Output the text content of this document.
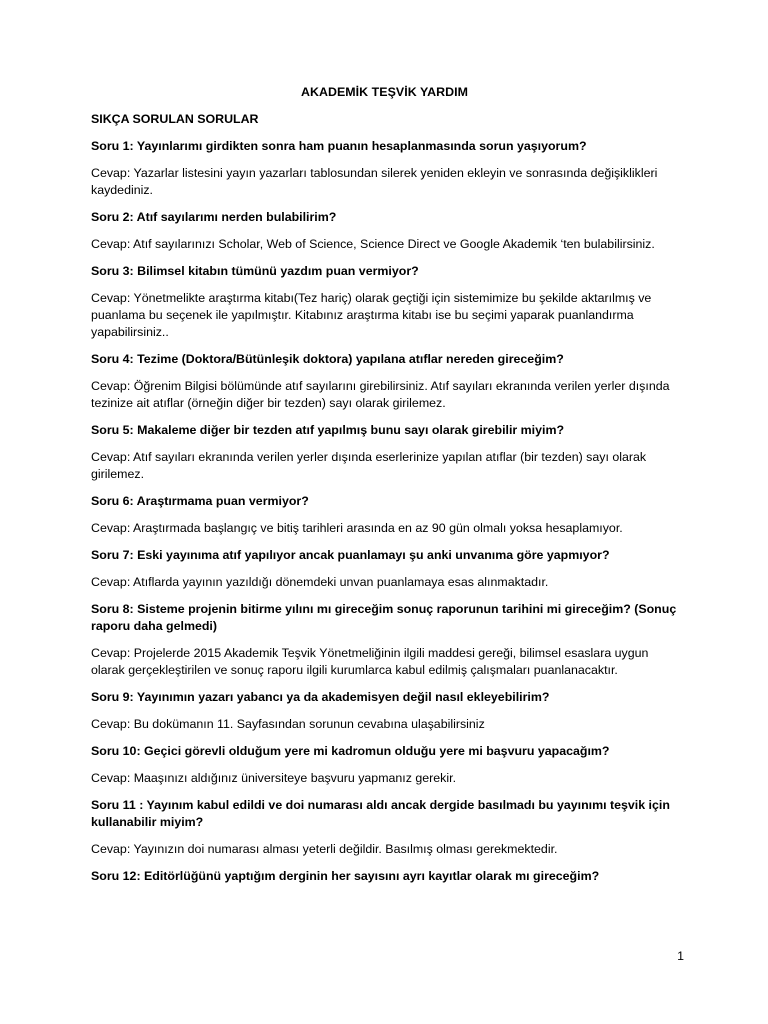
AKADEMİK TEŞVİK YARDIM
SIKÇA SORULAN SORULAR
Soru 1: Yayınlarımı girdikten sonra ham puanın hesaplanmasında sorun yaşıyorum?
Cevap: Yazarlar listesini yayın yazarları tablosundan silerek yeniden ekleyin ve sonrasında değişiklikleri kaydediniz.
Soru 2: Atıf sayılarımı nerden bulabilirim?
Cevap: Atıf sayılarınızı Scholar, Web of Science, Science Direct ve Google Akademik ‘ten bulabilirsiniz.
Soru 3: Bilimsel kitabın tümünü yazdım puan vermiyor?
Cevap: Yönetmelikte araştırma kitabı(Tez hariç) olarak geçtiği için sistemimize bu şekilde aktarılmış ve puanlama bu seçenek ile yapılmıştır. Kitabınız araştırma kitabı ise bu seçimi yaparak puanlandırma yapabilirsiniz..
Soru 4: Tezime (Doktora/Bütünleşik doktora) yapılana atıflar nereden gireceğim?
Cevap: Öğrenim Bilgisi bölümünde atıf sayılarını girebilirsiniz. Atıf sayıları ekranında verilen yerler dışında tezinize ait atıflar (örneğin diğer bir tezden) sayı olarak girilemez.
Soru 5: Makaleme diğer bir tezden atıf yapılmış bunu sayı olarak girebilir miyim?
Cevap: Atıf sayıları ekranında verilen yerler dışında eserlerinize yapılan atıflar (bir tezden) sayı olarak girilemez.
Soru 6: Araştırmama puan vermiyor?
Cevap: Araştırmada başlangıç ve bitiş tarihleri arasında en az 90 gün olmalı yoksa hesaplamıyor.
Soru 7: Eski yayınıma atıf yapılıyor ancak puanlamayı şu anki unvanıma göre yapmıyor?
Cevap: Atıflarda yayının yazıldığı dönemdeki unvan puanlamaya esas alınmaktadır.
Soru 8: Sisteme projenin bitirme yılını mı gireceğim sonuç raporunun tarihini mi gireceğim? (Sonuç raporu daha gelmedi)
Cevap: Projelerde 2015 Akademik Teşvik Yönetmeliğinin ilgili maddesi gereği, bilimsel esaslara uygun olarak gerçekleştirilen ve sonuç raporu ilgili kurumlarca kabul edilmiş çalışmaları puanlanacaktır.
Soru 9: Yayınımın yazarı yabancı ya da akademisyen değil nasıl ekleyebilirim?
Cevap: Bu dokümanın 11. Sayfasından sorunun cevabına ulaşabilirsiniz
Soru 10: Geçici görevli olduğum yere mi kadromun olduğu yere mi başvuru yapacağım?
Cevap: Maaşınızı aldığınız üniversiteye başvuru yapmanız gerekir.
Soru 11 : Yayınım kabul edildi ve doi numarası aldı ancak dergide basılmadı bu yayınımı teşvik için kullanabilir miyim?
Cevap: Yayınızın doi numarası alması yeterli değildir. Basılmış olması gerekmektedir.
Soru 12: Editörlüğünü yaptığım derginin her sayısını ayrı kayıtlar olarak mı gireceğim?
1
